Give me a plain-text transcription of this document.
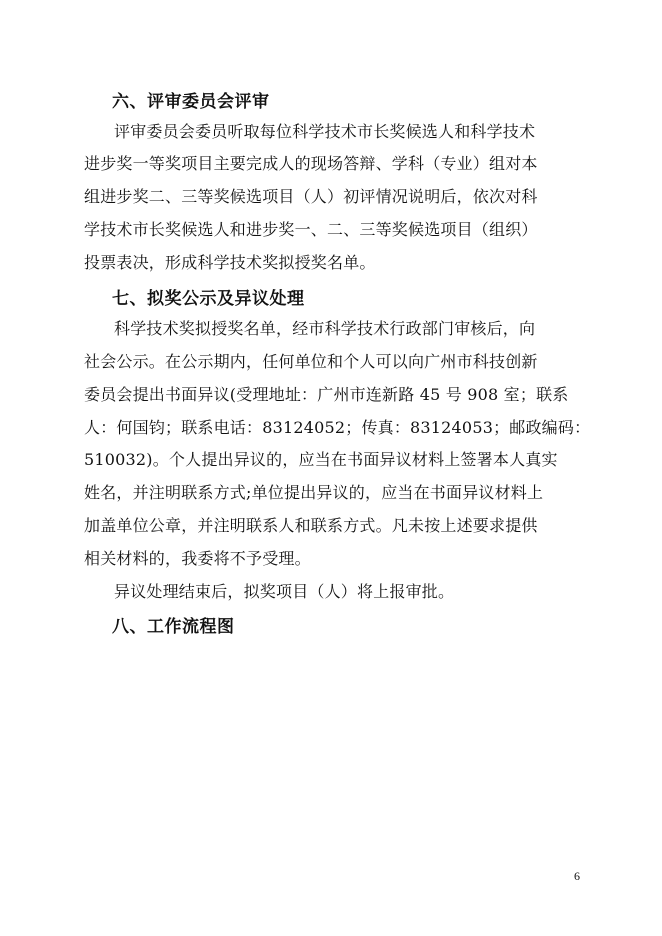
六、评审委员会评审
评审委员会委员听取每位科学技术市长奖候选人和科学技术
进步奖一等奖项目主要完成人的现场答辩、学科（专业）组对本
组进步奖二、三等奖候选项目（人）初评情况说明后，依次对科
学技术市长奖候选人和进步奖一、二、三等奖候选项目（组织）
投票表决，形成科学技术奖拟授奖名单。
七、拟奖公示及异议处理
科学技术奖拟授奖名单，经市科学技术行政部门审核后，向
社会公示。在公示期内，任何单位和个人可以向广州市科技创新
委员会提出书面异议(受理地址：广州市连新路 45 号 908 室；联系
人：何国钧；联系电话：83124052；传真：83124053；邮政编码：
510032)。个人提出异议的，应当在书面异议材料上签署本人真实
姓名，并注明联系方式;单位提出异议的，应当在书面异议材料上
加盖单位公章，并注明联系人和联系方式。凡未按上述要求提供
相关材料的，我委将不予受理。
异议处理结束后，拟奖项目（人）将上报审批。
八、工作流程图
6
